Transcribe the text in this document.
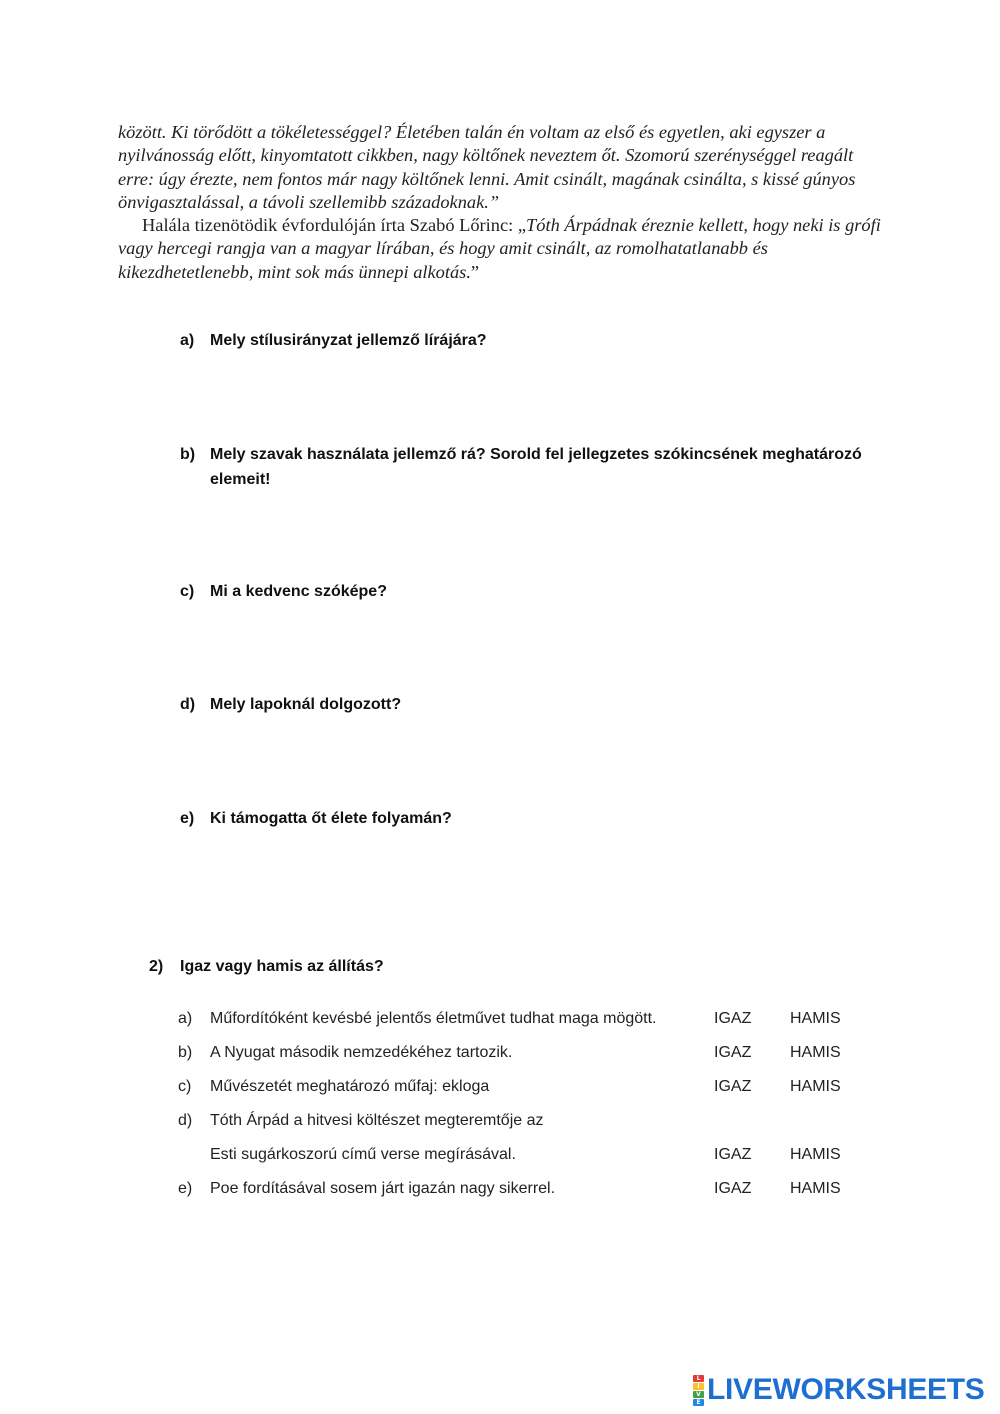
között. Ki törődött a tökéletességgel? Életében talán én voltam az első és egyetlen, aki egyszer a nyilvánosság előtt, kinyomtatott cikkben, nagy költőnek neveztem őt. Szomorú szerénységgel reagált erre: úgy érezte, nem fontos már nagy költőnek lenni. Amit csinált, magának csinálta, s kissé gúnyos önvigasztalással, a távoli szellemibb századoknak.”

Halála tizenötödik évfordulóján írta Szabó Lőrinc: „Tóth Árpádnak éreznie kellett, hogy neki is grófi vagy hercegi rangja van a magyar lírában, és hogy amit csinált, az romolhatatlanabb és kikezdhetetlenebb, mint sok más ünnepi alkotás.”

a) Mely stílusirányzat jellemző lírájára?
b) Mely szavak használata jellemző rá? Sorold fel jellegzetes szókincsének meghatározó elemeit!
c) Mi a kedvenc szóképe?
d) Mely lapoknál dolgozott?
e) Ki támogatta őt élete folyamán?
2) Igaz vagy hamis az állítás?
a) Műfordítóként kevésbé jelentős életművet tudhat maga mögött.	IGAZ HAMIS
b) A Nyugat második nemzedékéhez tartozik.	IGAZ HAMIS
c) Művészetét meghatározó műfaj: ekloga	IGAZ HAMIS
d) Tóth Árpád a hitvesi költészet megteremtője az
Esti sugárkoszorú című verse megírásával.	IGAZ HAMIS
e) Poe fordításával sosem járt igazán nagy sikerrel.	IGAZ HAMIS
L
I
V
E LIVEWORKSHEETS
